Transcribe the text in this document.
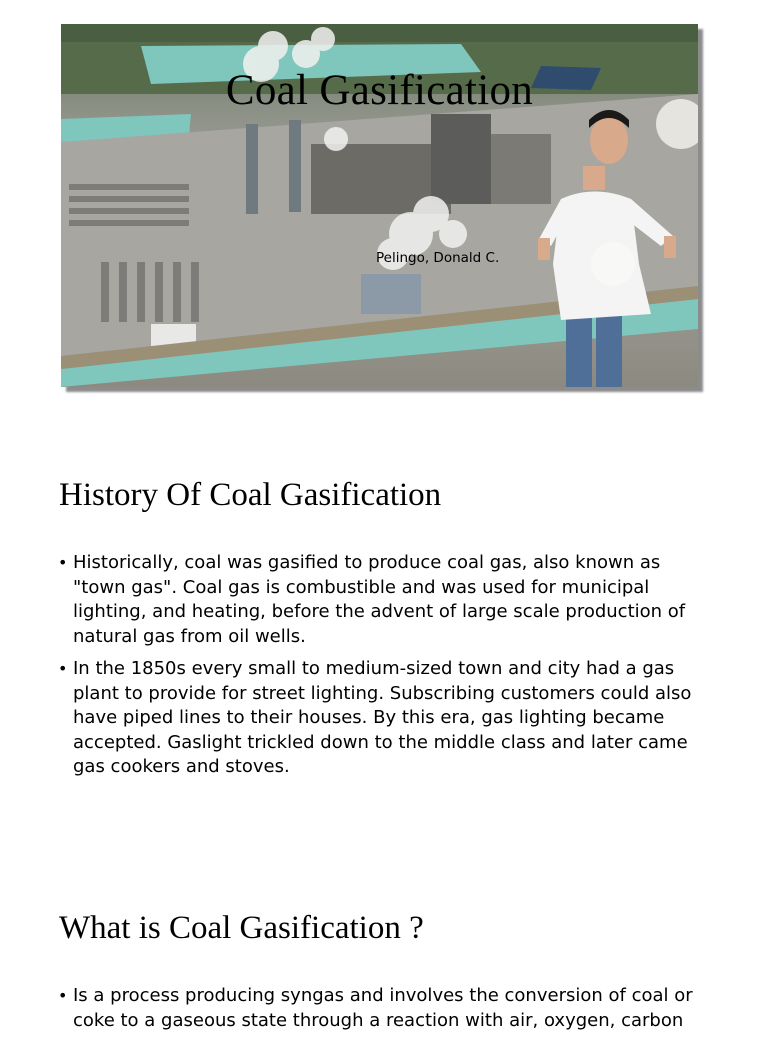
Coal Gasification
Pelingo, Donald C.
History Of Coal Gasification
• Historically, coal was gasified to produce coal gas, also known as "town gas". Coal gas is combustible and was used for municipal lighting, and heating, before the advent of large scale production of natural gas from oil wells.
• In the 1850s every small to medium-sized town and city had a gas plant to provide for street lighting. Subscribing customers could also have piped lines to their houses. By this era, gas lighting became accepted. Gaslight trickled down to the middle class and later came gas cookers and stoves.
What is Coal Gasification ?
• Is a process producing syngas and involves the conversion of coal or coke to a gaseous state through a reaction with air, oxygen, carbon
